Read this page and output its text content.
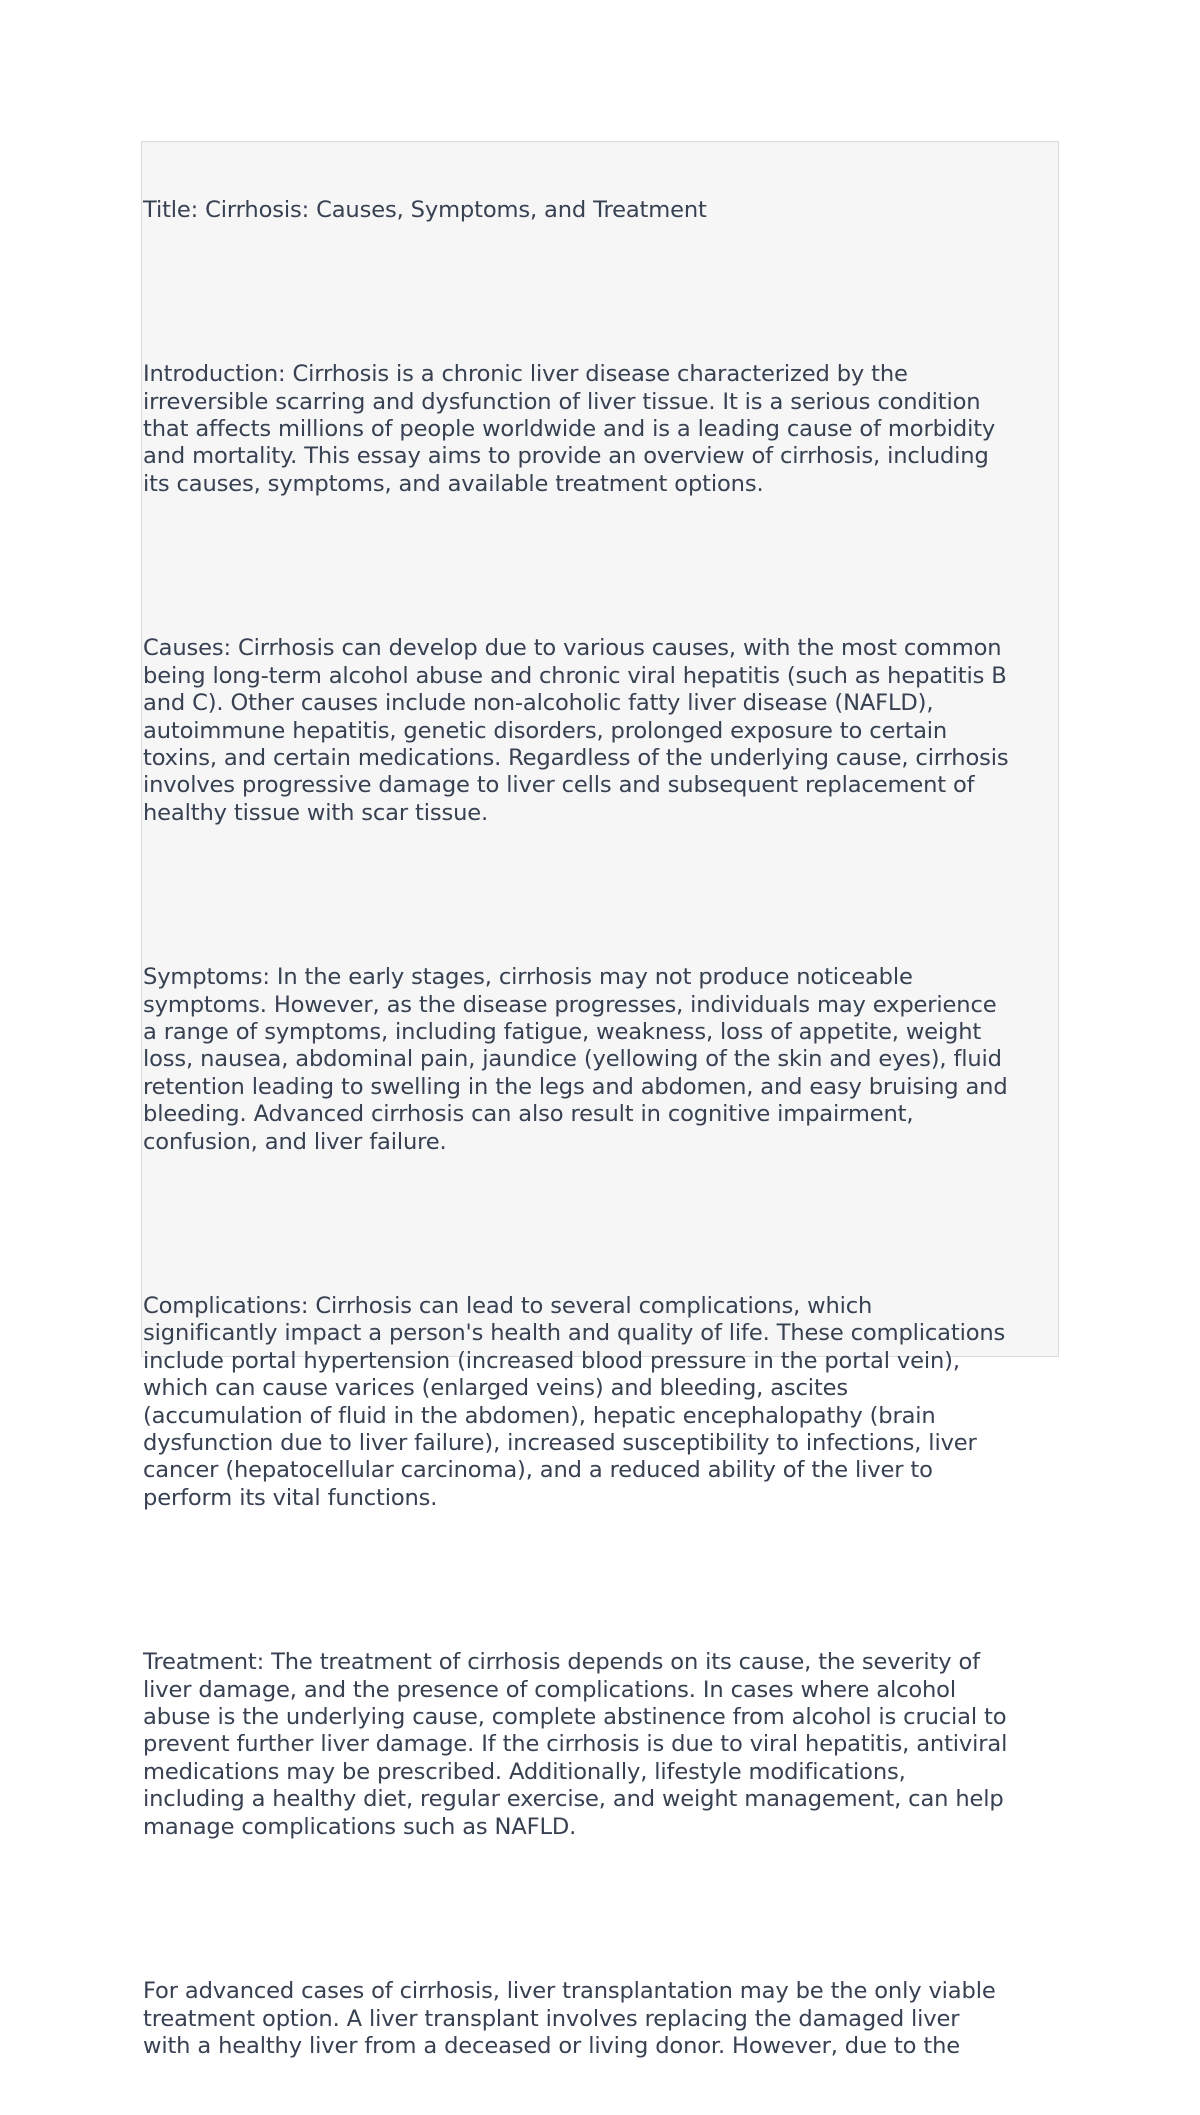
Title: Cirrhosis: Causes, Symptoms, and Treatment

Introduction: Cirrhosis is a chronic liver disease characterized by the
irreversible scarring and dysfunction of liver tissue. It is a serious condition
that affects millions of people worldwide and is a leading cause of morbidity
and mortality. This essay aims to provide an overview of cirrhosis, including
its causes, symptoms, and available treatment options.

Causes: Cirrhosis can develop due to various causes, with the most common
being long-term alcohol abuse and chronic viral hepatitis (such as hepatitis B
and C). Other causes include non-alcoholic fatty liver disease (NAFLD),
autoimmune hepatitis, genetic disorders, prolonged exposure to certain
toxins, and certain medications. Regardless of the underlying cause, cirrhosis
involves progressive damage to liver cells and subsequent replacement of
healthy tissue with scar tissue.

Symptoms: In the early stages, cirrhosis may not produce noticeable
symptoms. However, as the disease progresses, individuals may experience
a range of symptoms, including fatigue, weakness, loss of appetite, weight
loss, nausea, abdominal pain, jaundice (yellowing of the skin and eyes), fluid
retention leading to swelling in the legs and abdomen, and easy bruising and
bleeding. Advanced cirrhosis can also result in cognitive impairment,
confusion, and liver failure.

Complications: Cirrhosis can lead to several complications, which
significantly impact a person's health and quality of life. These complications
include portal hypertension (increased blood pressure in the portal vein),
which can cause varices (enlarged veins) and bleeding, ascites
(accumulation of fluid in the abdomen), hepatic encephalopathy (brain
dysfunction due to liver failure), increased susceptibility to infections, liver
cancer (hepatocellular carcinoma), and a reduced ability of the liver to
perform its vital functions.

Treatment: The treatment of cirrhosis depends on its cause, the severity of
liver damage, and the presence of complications. In cases where alcohol
abuse is the underlying cause, complete abstinence from alcohol is crucial to
prevent further liver damage. If the cirrhosis is due to viral hepatitis, antiviral
medications may be prescribed. Additionally, lifestyle modifications,
including a healthy diet, regular exercise, and weight management, can help
manage complications such as NAFLD.

For advanced cases of cirrhosis, liver transplantation may be the only viable
treatment option. A liver transplant involves replacing the damaged liver
with a healthy liver from a deceased or living donor. However, due to the
